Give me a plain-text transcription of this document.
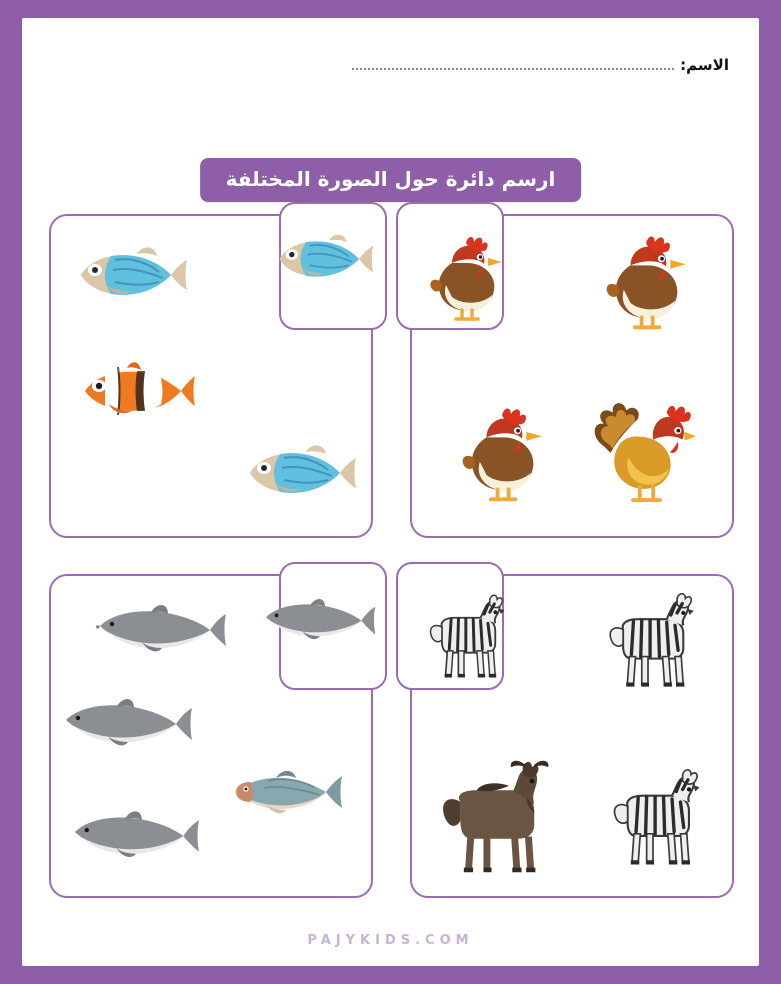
الاسم:
ارسم دائرة حول الصورة المختلفة
PAJYKIDS.COM
